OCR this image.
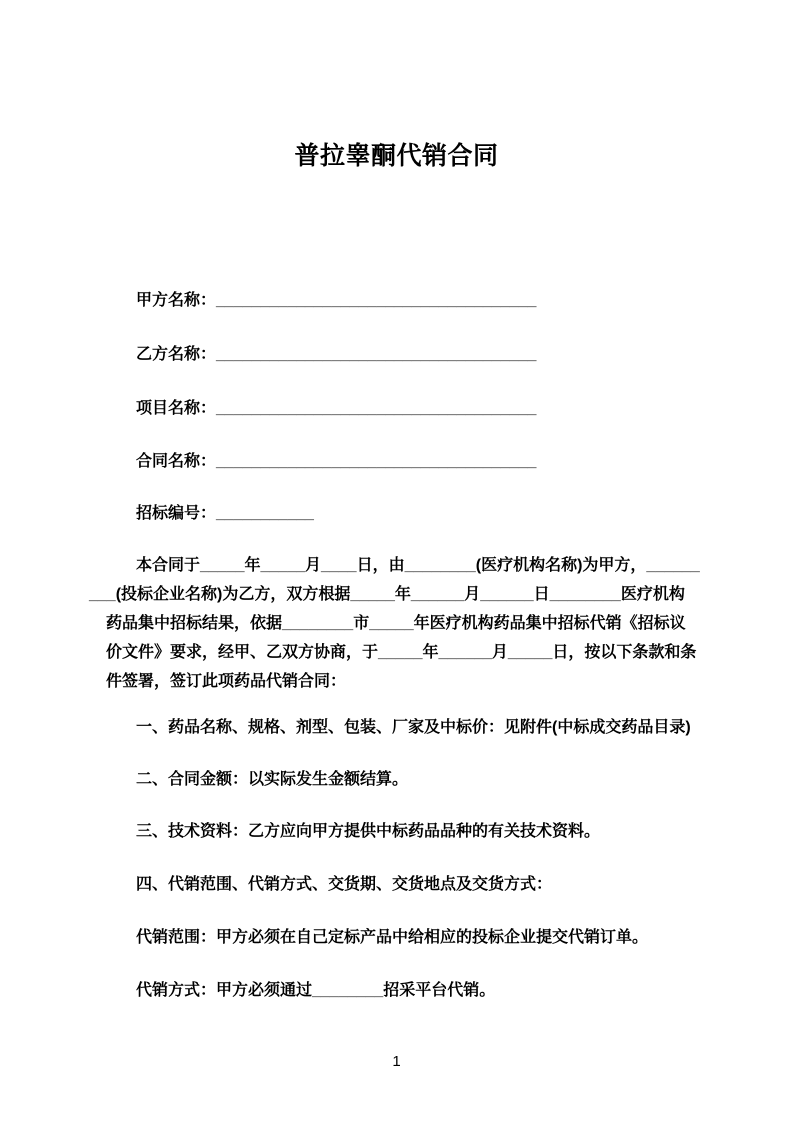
普拉睾酮代销合同
甲方名称：____________________________________
乙方名称：____________________________________
项目名称：____________________________________
合同名称：____________________________________
招标编号：___________
本合同于_____年_____月____日，由________(医疗机构名称)为甲方，______
___(投标企业名称)为乙方，双方根据_____年______月______日________医疗机构
药品集中招标结果，依据________市_____年医疗机构药品集中招标代销《招标议
价文件》要求，经甲、乙双方协商，于_____年______月_____日，按以下条款和条
件签署，签订此项药品代销合同：
一、药品名称、规格、剂型、包装、厂家及中标价：见附件(中标成交药品目录)
二、合同金额：以实际发生金额结算。
三、技术资料：乙方应向甲方提供中标药品品种的有关技术资料。
四、代销范围、代销方式、交货期、交货地点及交货方式：
代销范围：甲方必须在自己定标产品中给相应的投标企业提交代销订单。
代销方式：甲方必须通过________招采平台代销。
1
